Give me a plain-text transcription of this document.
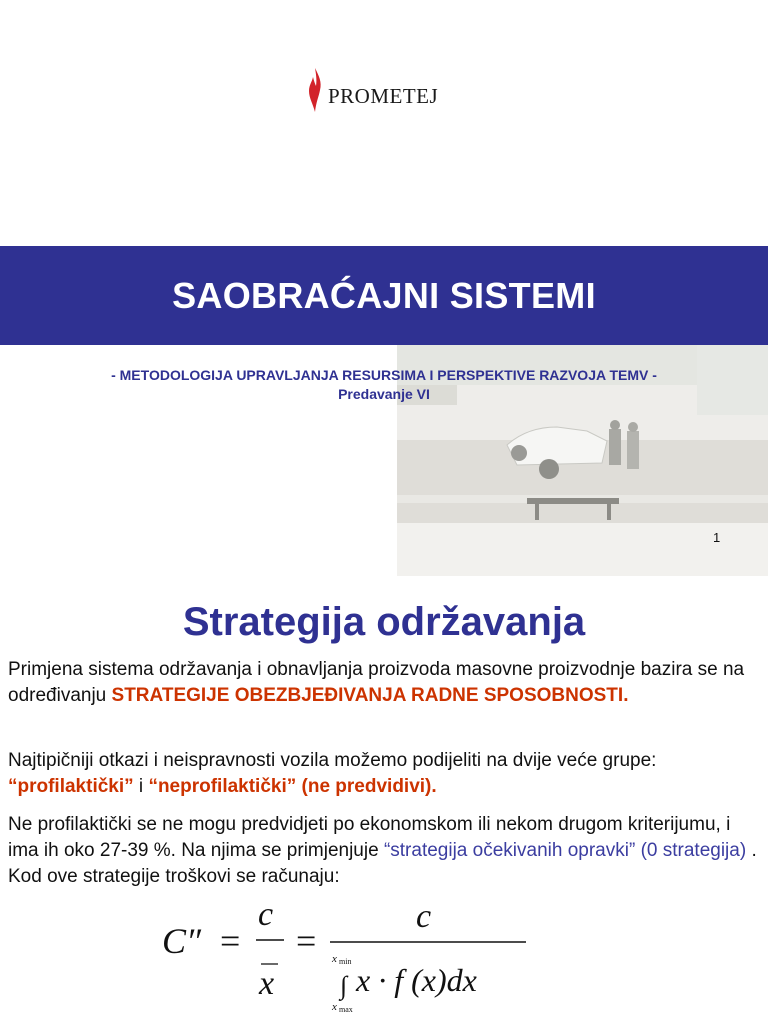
PROMETEJ
SAOBRAĆAJNI SISTEMI
- METODOLOGIJA UPRAVLJANJA RESURSIMA I PERSPEKTIVE RAZVOJA TEMV -
Predavanje VI
1
Strategija održavanja
Primjena sistema održavanja i obnavljanja proizvoda masovne proizvodnje bazira se na određivanju STRATEGIJE OBEZBJEĐIVANJA RADNE SPOSOBNOSTI.
Najtipičniji otkazi i neispravnosti vozila možemo podijeliti na dvije veće grupe: “profilaktički” i “neprofilaktički” (ne predvidivi).
Ne profilaktički se ne mogu predvidjeti po ekonomskom ili nekom drugom kriterijumu, i ima ih oko 27-39 %. Na njima se primjenjuje “strategija očekivanih opravki” (0 strategija) . Kod ove strategije troškovi se računaju:
C″ =
c
x
=
c
x min
∫
x max
x · f (x)dx
